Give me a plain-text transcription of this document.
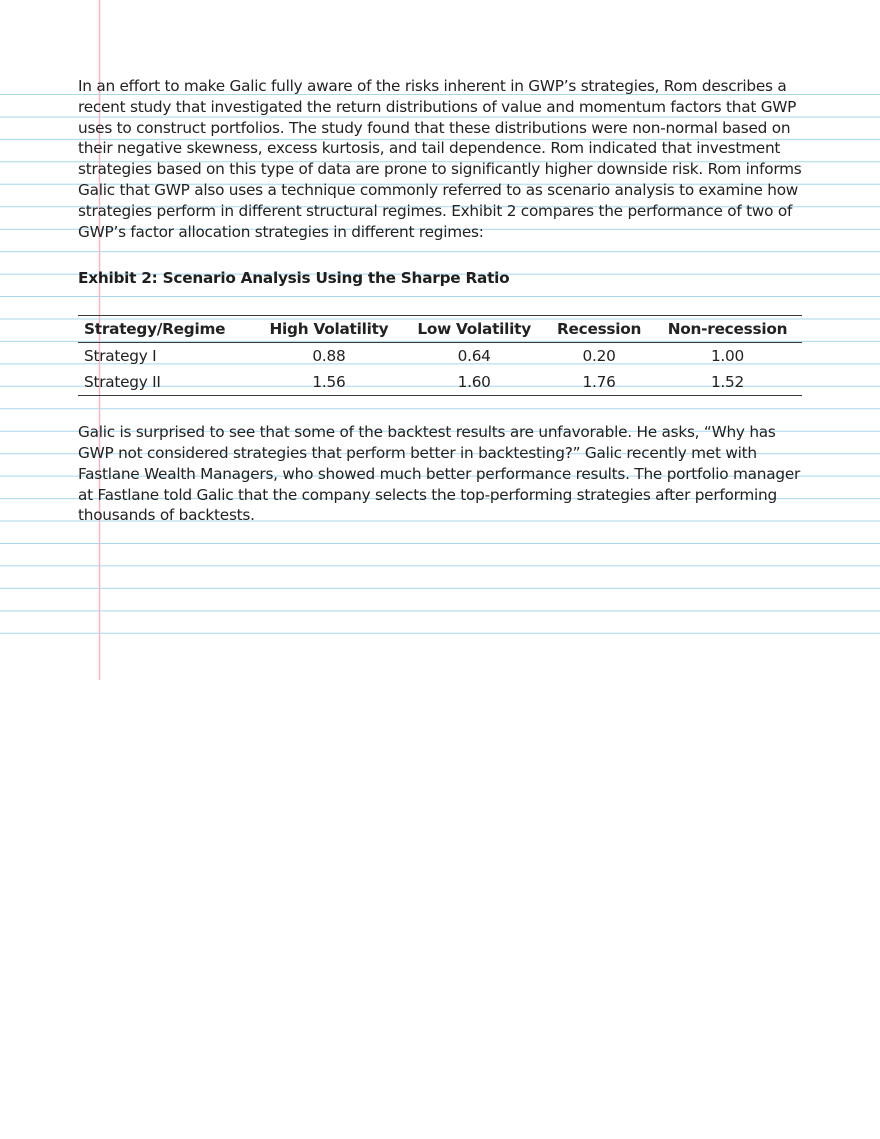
In an effort to make Galic fully aware of the risks inherent in GWP’s strategies, Rom describes a recent study that investigated the return distributions of value and momentum factors that GWP uses to construct portfolios. The study found that these distributions were non-normal based on their negative skewness, excess kurtosis, and tail dependence. Rom indicated that investment strategies based on this type of data are prone to significantly higher downside risk. Rom informs Galic that GWP also uses a technique commonly referred to as scenario analysis to examine how strategies perform in different structural regimes. Exhibit 2 compares the performance of two of GWP’s factor allocation strategies in different regimes:

Exhibit 2: Scenario Analysis Using the Sharpe Ratio

Strategy/Regime	High Volatility	Low Volatility	Recession	Non-recession
Strategy I	0.88	0.64	0.20	1.00
Strategy II	1.56	1.60	1.76	1.52

Galic is surprised to see that some of the backtest results are unfavorable. He asks, “Why has GWP not considered strategies that perform better in backtesting?” Galic recently met with Fastlane Wealth Managers, who showed much better performance results. The portfolio manager at Fastlane told Galic that the company selects the top-performing strategies after performing thousands of backtests.
